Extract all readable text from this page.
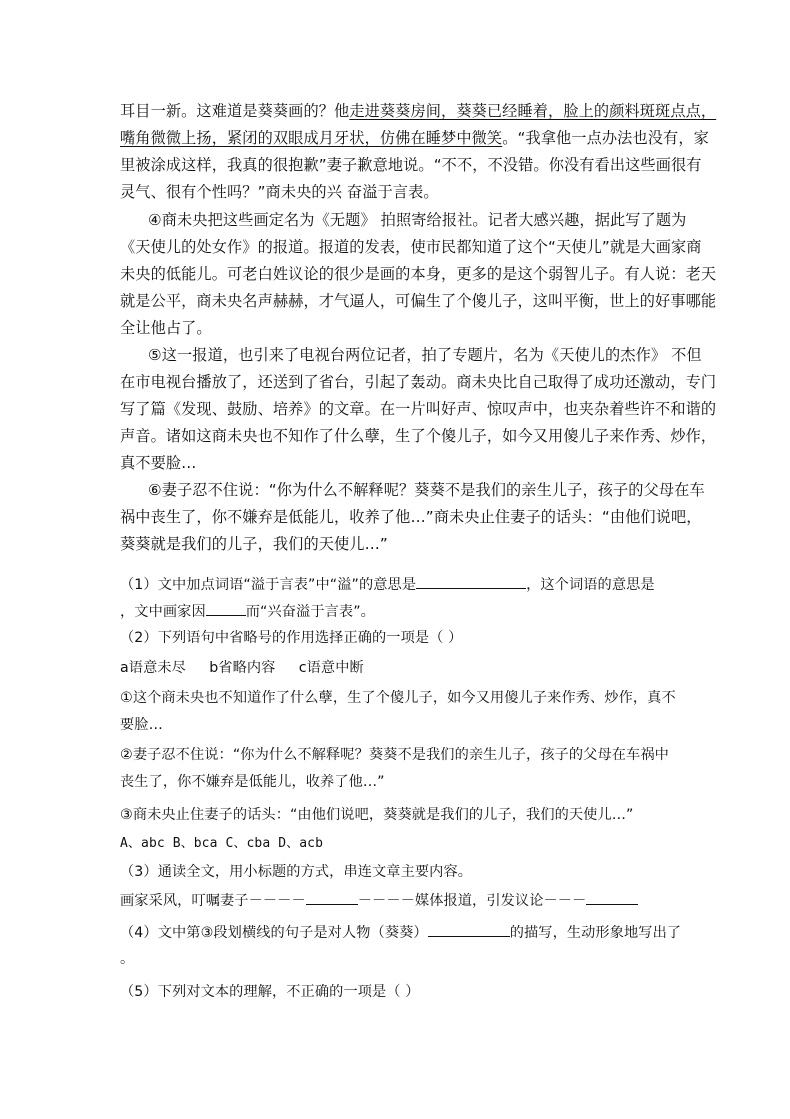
耳目一新。这难道是葵葵画的？他走进葵葵房间，葵葵已经睡着，脸上的颜料斑斑点点，
嘴角微微上扬，紧闭的双眼成月牙状，仿佛在睡梦中微笑。“我拿他一点办法也没有，家
里被涂成这样，我真的很抱歉”妻子歉意地说。“不不，不没错。你没有看出这些画很有
灵气、很有个性吗？”商未央的兴 奋溢于言表。
④商未央把这些画定名为《无题》 拍照寄给报社。记者大感兴趣，据此写了题为
《天使儿的处女作》的报道。报道的发表，使市民都知道了这个“天使儿”就是大画家商
未央的低能儿。可老白姓议论的很少是画的本身，更多的是这个弱智儿子。有人说：老天
就是公平，商未央名声赫赫，才气逼人，可偏生了个傻儿子，这叫平衡，世上的好事哪能
全让他占了。
⑤这一报道，也引来了电视台两位记者，拍了专题片，名为《天使儿的杰作》 不但
在市电视台播放了，还送到了省台，引起了轰动。商未央比自己取得了成功还激动，专门
写了篇《发现、鼓励、培养》的文章。在一片叫好声、惊叹声中，也夹杂着些许不和谐的
声音。诸如这商未央也不知作了什么孽，生了个傻儿子，如今又用傻儿子来作秀、炒作，
真不要脸…
⑥妻子忍不住说：“你为什么不解释呢？葵葵不是我们的亲生儿子，孩子的父母在车
祸中丧生了，你不嫌弃是低能儿，收养了他…”商未央止住妻子的话头：“由他们说吧，
葵葵就是我们的儿子，我们的天使儿…”
（1）文中加点词语“溢于言表”中“溢”的意思是	，这个词语的意思是
，文中画家因	而“兴奋溢于言表”。
（2）下列语句中省略号的作用选择正确的一项是（ ）
a语意未尽 b省略内容 c语意中断
①这个商未央也不知道作了什么孽，生了个傻儿子，如今又用傻儿子来作秀、炒作，真不
要脸…
②妻子忍不住说：“你为什么不解释呢？葵葵不是我们的亲生儿子，孩子的父母在车祸中
丧生了，你不嫌弃是低能儿，收养了他…”
③商未央止住妻子的话头：“由他们说吧，葵葵就是我们的儿子，我们的天使儿…”
A、abc B、bca C、cba D、acb
（3）通读全文，用小标题的方式，串连文章主要内容。
画家采风，叮嘱妻子－－－－	－－－－媒体报道，引发议论－－－
（4）文中第③段划横线的句子是对人物（葵葵）	的描写，生动形象地写出了
。
（5）下列对文本的理解，不正确的一项是（ ）
